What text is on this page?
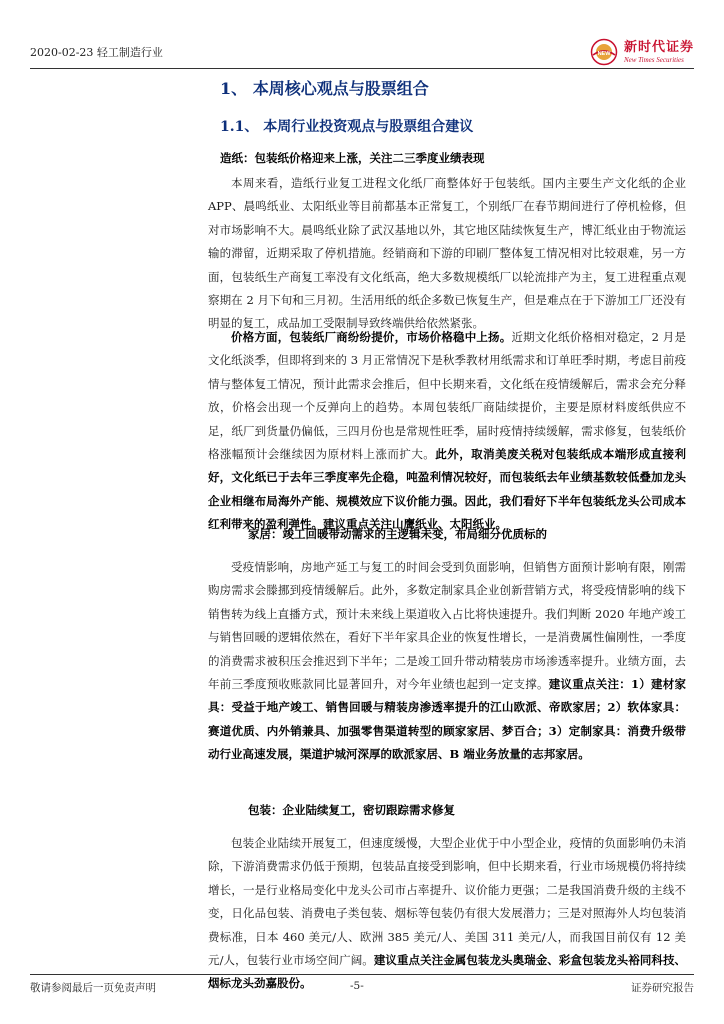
2020-02-23 轻工制造行业	NEW 新时代证券
New Times Securities
1、 本周核心观点与股票组合
1.1、 本周行业投资观点与股票组合建议
造纸：包装纸价格迎来上涨，关注二三季度业绩表现
本周来看，造纸行业复工进程文化纸厂商整体好于包装纸。国内主要生产文化纸的企业 APP、晨鸣纸业、太阳纸业等目前都基本正常复工，个别纸厂在春节期间进行了停机检修，但对市场影响不大。晨鸣纸业除了武汉基地以外，其它地区陆续恢复生产，博汇纸业由于物流运输的滞留，近期采取了停机措施。经销商和下游的印刷厂整体复工情况相对比较艰难，另一方面，包装纸生产商复工率没有文化纸高，绝大多数规模纸厂以轮流排产为主，复工进程重点观察期在 2 月下旬和三月初。生活用纸的纸企多数已恢复生产，但是难点在于下游加工厂还没有明显的复工，成品加工受限制导致终端供给依然紧张。
价格方面，包装纸厂商纷纷提价，市场价格稳中上扬。近期文化纸价格相对稳定，2 月是文化纸淡季，但即将到来的 3 月正常情况下是秋季教材用纸需求和订单旺季时期，考虑目前疫情与整体复工情况，预计此需求会推后，但中长期来看，文化纸在疫情缓解后，需求会充分释放，价格会出现一个反弹向上的趋势。本周包装纸厂商陆续提价，主要是原材料废纸供应不足，纸厂到货量仍偏低，三四月份也是常规性旺季，届时疫情持续缓解，需求修复，包装纸价格涨幅预计会继续因为原材料上涨而扩大。此外，取消美废关税对包装纸成本端形成直接利好，文化纸已于去年三季度率先企稳，吨盈利情况较好，而包装纸去年业绩基数较低叠加龙头企业相继布局海外产能、规模效应下议价能力强。因此，我们看好下半年包装纸龙头公司成本红利带来的盈利弹性。建议重点关注山鹰纸业、太阳纸业。
家居：竣工回暖带动需求的主逻辑未变，布局细分优质标的
受疫情影响，房地产延工与复工的时间会受到负面影响，但销售方面预计影响有限，刚需购房需求会滕挪到疫情缓解后。此外，多数定制家具企业创新营销方式，将受疫情影响的线下销售转为线上直播方式，预计未来线上渠道收入占比将快速提升。我们判断 2020 年地产竣工与销售回暖的逻辑依然在，看好下半年家具企业的恢复性增长，一是消费属性偏刚性，一季度的消费需求被积压会推迟到下半年；二是竣工回升带动精装房市场渗透率提升。业绩方面，去年前三季度预收账款同比显著回升，对今年业绩也起到一定支撑。建议重点关注：1）建材家具：受益于地产竣工、销售回暖与精装房渗透率提升的江山欧派、帝欧家居；2）软体家具：赛道优质、内外销兼具、加强零售渠道转型的顾家家居、梦百合；3）定制家具：消费升级带动行业高速发展，渠道护城河深厚的欧派家居、B 端业务放量的志邦家居。
包装：企业陆续复工，密切跟踪需求修复
包装企业陆续开展复工，但速度缓慢，大型企业优于中小型企业，疫情的负面影响仍未消除，下游消费需求仍低于预期，包装品直接受到影响，但中长期来看，行业市场规模仍将持续增长，一是行业格局变化中龙头公司市占率提升、议价能力更强；二是我国消费升级的主线不变，日化品包装、消费电子类包装、烟标等包装仍有很大发展潜力；三是对照海外人均包装消费标准，日本 460 美元/人、欧洲 385 美元/人、美国 311 美元/人，而我国目前仅有 12 美元/人，包装行业市场空间广阔。建议重点关注金属包装龙头奥瑞金、彩盒包装龙头裕同科技、烟标龙头劲嘉股份。
敬请参阅最后一页免责声明	-5-	证券研究报告
